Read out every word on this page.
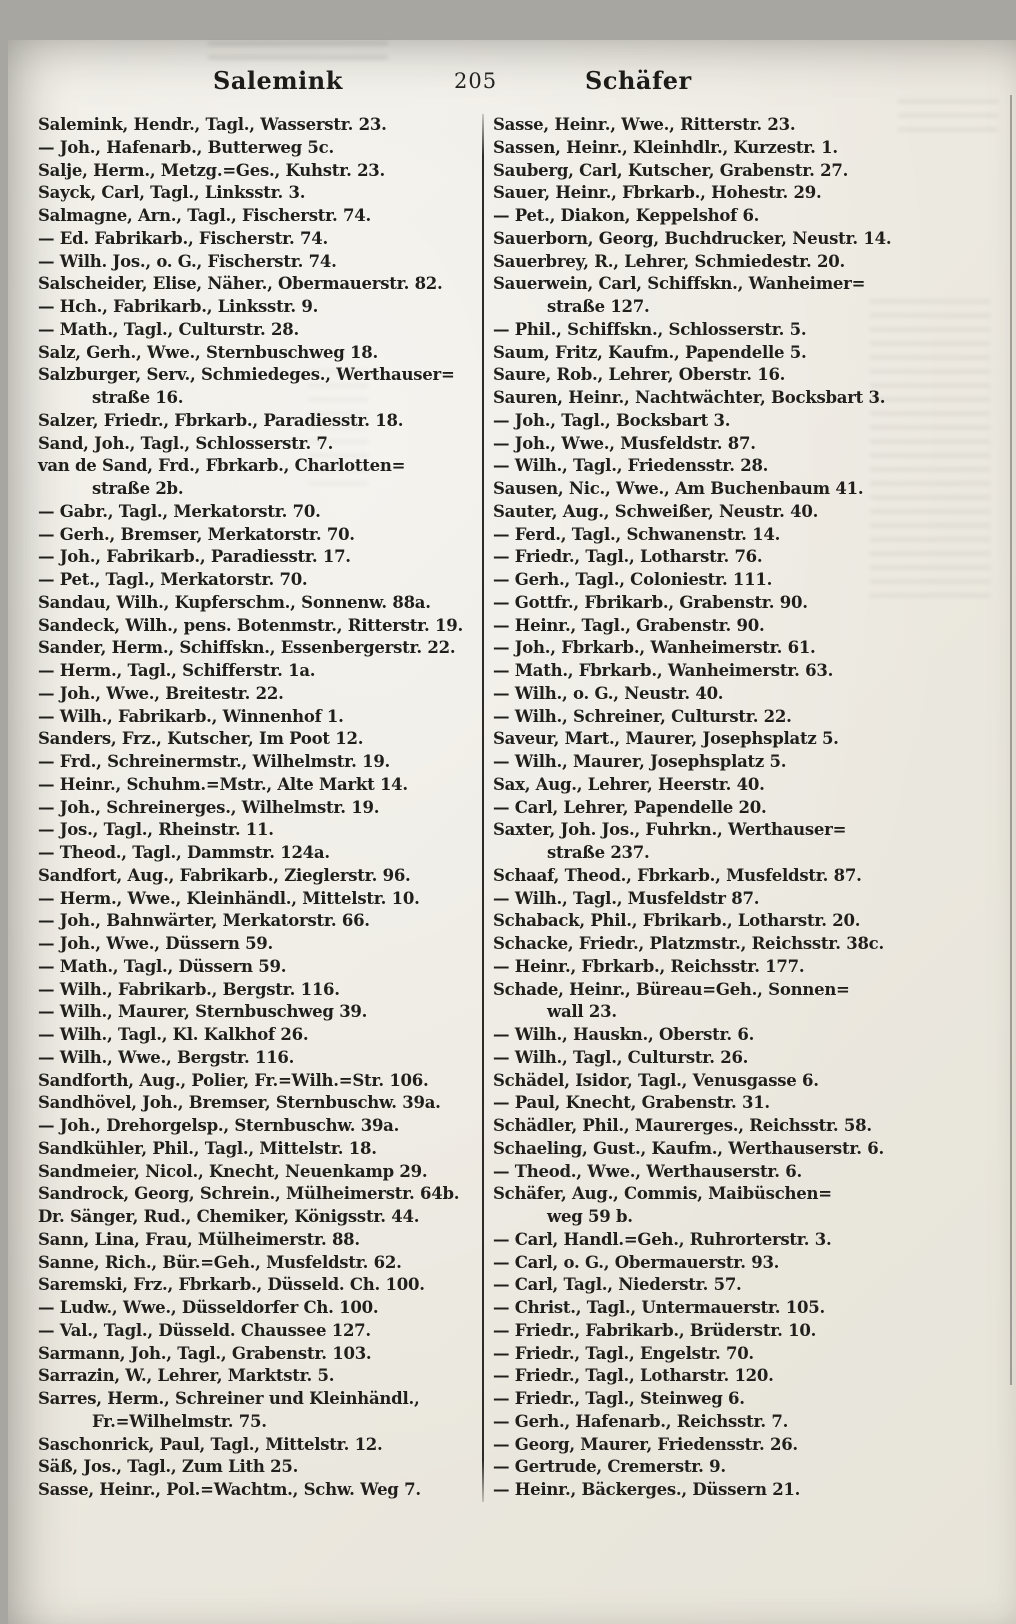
Salemink	205	Schäfer
Salemink, Hendr., Tagl., Wasserstr. 23.
— Joh., Hafenarb., Butterweg 5c.
Salje, Herm., Metzg.=Ges., Kuhstr. 23.
Sayck, Carl, Tagl., Linksstr. 3.
Salmagne, Arn., Tagl., Fischerstr. 74.
— Ed. Fabrikarb., Fischerstr. 74.
— Wilh. Jos., o. G., Fischerstr. 74.
Salscheider, Elise, Näher., Obermauerstr. 82.
— Hch., Fabrikarb., Linksstr. 9.
— Math., Tagl., Culturstr. 28.
Salz, Gerh., Wwe., Sternbuschweg 18.
Salzburger, Serv., Schmiedeges., Werthauser=
straße 16.
Salzer, Friedr., Fbrkarb., Paradiesstr. 18.
Sand, Joh., Tagl., Schlosserstr. 7.
van de Sand, Frd., Fbrkarb., Charlotten=
straße 2b.
— Gabr., Tagl., Merkatorstr. 70.
— Gerh., Bremser, Merkatorstr. 70.
— Joh., Fabrikarb., Paradiesstr. 17.
— Pet., Tagl., Merkatorstr. 70.
Sandau, Wilh., Kupferschm., Sonnenw. 88a.
Sandeck, Wilh., pens. Botenmstr., Ritterstr. 19.
Sander, Herm., Schiffskn., Essenbergerstr. 22.
— Herm., Tagl., Schifferstr. 1a.
— Joh., Wwe., Breitestr. 22.
— Wilh., Fabrikarb., Winnenhof 1.
Sanders, Frz., Kutscher, Im Poot 12.
— Frd., Schreinermstr., Wilhelmstr. 19.
— Heinr., Schuhm.=Mstr., Alte Markt 14.
— Joh., Schreinerges., Wilhelmstr. 19.
— Jos., Tagl., Rheinstr. 11.
— Theod., Tagl., Dammstr. 124a.
Sandfort, Aug., Fabrikarb., Zieglerstr. 96.
— Herm., Wwe., Kleinhändl., Mittelstr. 10.
— Joh., Bahnwärter, Merkatorstr. 66.
— Joh., Wwe., Düssern 59.
— Math., Tagl., Düssern 59.
— Wilh., Fabrikarb., Bergstr. 116.
— Wilh., Maurer, Sternbuschweg 39.
— Wilh., Tagl., Kl. Kalkhof 26.
— Wilh., Wwe., Bergstr. 116.
Sandforth, Aug., Polier, Fr.=Wilh.=Str. 106.
Sandhövel, Joh., Bremser, Sternbuschw. 39a.
— Joh., Drehorgelsp., Sternbuschw. 39a.
Sandkühler, Phil., Tagl., Mittelstr. 18.
Sandmeier, Nicol., Knecht, Neuenkamp 29.
Sandrock, Georg, Schrein., Mülheimerstr. 64b.
Dr. Sänger, Rud., Chemiker, Königsstr. 44.
Sann, Lina, Frau, Mülheimerstr. 88.
Sanne, Rich., Bür.=Geh., Musfeldstr. 62.
Saremski, Frz., Fbrkarb., Düsseld. Ch. 100.
— Ludw., Wwe., Düsseldorfer Ch. 100.
— Val., Tagl., Düsseld. Chaussee 127.
Sarmann, Joh., Tagl., Grabenstr. 103.
Sarrazin, W., Lehrer, Marktstr. 5.
Sarres, Herm., Schreiner und Kleinhändl.,
Fr.=Wilhelmstr. 75.
Saschonrick, Paul, Tagl., Mittelstr. 12.
Säß, Jos., Tagl., Zum Lith 25.
Sasse, Heinr., Pol.=Wachtm., Schw. Weg 7.
Sasse, Heinr., Wwe., Ritterstr. 23.
Sassen, Heinr., Kleinhdlr., Kurzestr. 1.
Sauberg, Carl, Kutscher, Grabenstr. 27.
Sauer, Heinr., Fbrkarb., Hohestr. 29.
— Pet., Diakon, Keppelshof 6.
Sauerborn, Georg, Buchdrucker, Neustr. 14.
Sauerbrey, R., Lehrer, Schmiedestr. 20.
Sauerwein, Carl, Schiffskn., Wanheimer=
straße 127.
— Phil., Schiffskn., Schlosserstr. 5.
Saum, Fritz, Kaufm., Papendelle 5.
Saure, Rob., Lehrer, Oberstr. 16.
Sauren, Heinr., Nachtwächter, Bocksbart 3.
— Joh., Tagl., Bocksbart 3.
— Joh., Wwe., Musfeldstr. 87.
— Wilh., Tagl., Friedensstr. 28.
Sausen, Nic., Wwe., Am Buchenbaum 41.
Sauter, Aug., Schweißer, Neustr. 40.
— Ferd., Tagl., Schwanenstr. 14.
— Friedr., Tagl., Lotharstr. 76.
— Gerh., Tagl., Coloniestr. 111.
— Gottfr., Fbrikarb., Grabenstr. 90.
— Heinr., Tagl., Grabenstr. 90.
— Joh., Fbrkarb., Wanheimerstr. 61.
— Math., Fbrkarb., Wanheimerstr. 63.
— Wilh., o. G., Neustr. 40.
— Wilh., Schreiner, Culturstr. 22.
Saveur, Mart., Maurer, Josephsplatz 5.
— Wilh., Maurer, Josephsplatz 5.
Sax, Aug., Lehrer, Heerstr. 40.
— Carl, Lehrer, Papendelle 20.
Saxter, Joh. Jos., Fuhrkn., Werthauser=
straße 237.
Schaaf, Theod., Fbrkarb., Musfeldstr. 87.
— Wilh., Tagl., Musfeldstr 87.
Schaback, Phil., Fbrikarb., Lotharstr. 20.
Schacke, Friedr., Platzmstr., Reichsstr. 38c.
— Heinr., Fbrkarb., Reichsstr. 177.
Schade, Heinr., Büreau=Geh., Sonnen=
wall 23.
— Wilh., Hauskn., Oberstr. 6.
— Wilh., Tagl., Culturstr. 26.
Schädel, Isidor, Tagl., Venusgasse 6.
— Paul, Knecht, Grabenstr. 31.
Schädler, Phil., Maurerges., Reichsstr. 58.
Schaeling, Gust., Kaufm., Werthauserstr. 6.
— Theod., Wwe., Werthauserstr. 6.
Schäfer, Aug., Commis, Maibüschen=
weg 59 b.
— Carl, Handl.=Geh., Ruhrorterstr. 3.
— Carl, o. G., Obermauerstr. 93.
— Carl, Tagl., Niederstr. 57.
— Christ., Tagl., Untermauerstr. 105.
— Friedr., Fabrikarb., Brüderstr. 10.
— Friedr., Tagl., Engelstr. 70.
— Friedr., Tagl., Lotharstr. 120.
— Friedr., Tagl., Steinweg 6.
— Gerh., Hafenarb., Reichsstr. 7.
— Georg, Maurer, Friedensstr. 26.
— Gertrude, Cremerstr. 9.
— Heinr., Bäckerges., Düssern 21.
